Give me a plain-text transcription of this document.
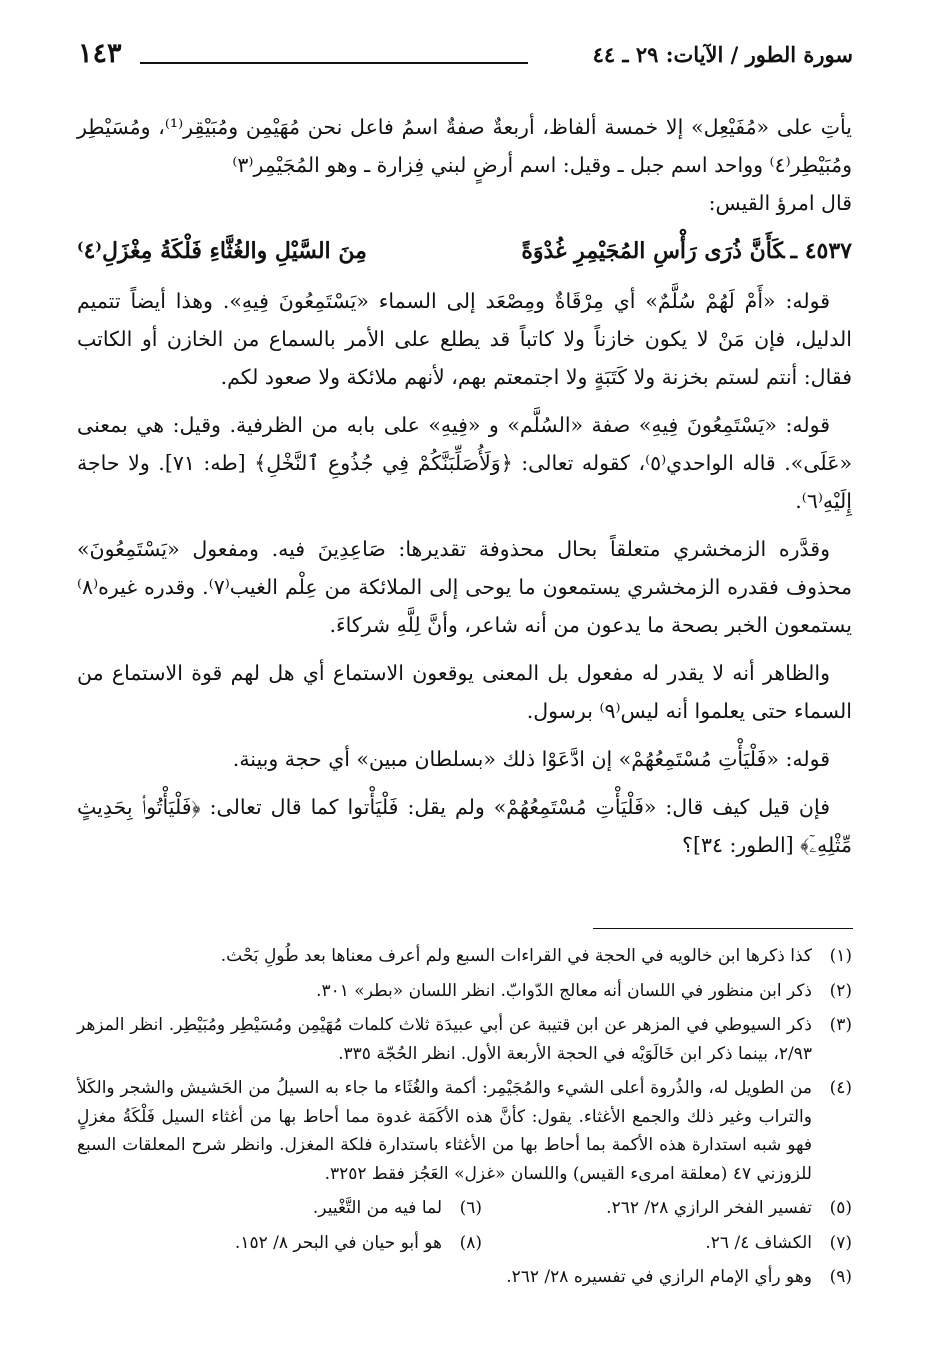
سورة الطور / الآيات: ٢٩ ـ ٤٤
١٤٣

يأتِ على «مُفَيْعِل» إلا خمسة ألفاظ، أربعةٌ صفةٌ اسمُ فاعل نحن مُهَيْمِن ومُبَيْقِر⁽¹⁾، ومُسَيْطِر ومُبَيْطِر⁽٤⁾ وواحد اسم جبل ـ وقيل: اسم أرضٍ لبني فِزارة ـ وهو المُجَيْمِر⁽٣⁾
قال امرؤ القيس:

٤٥٣٧ ـكَأَنَّ ذُرَى رَأْسِ المُجَيْمِرِ غُدْوَةً
مِنَ السَّيْلِ والغُثَّاءِ فَلْكَةُ مِغْزَلِ⁽٤⁾

قوله: «أَمْ لَهُمْ سُلَّمٌ» أي مِرْقَاةٌ ومِصْعَد إلى السماء «يَسْتَمِعُونَ فِيهِ». وهذا أيضاً تتميم الدليل، فإن مَنْ لا يكون خازناً ولا كاتباً قد يطلع على الأمر بالسماع من الخازن أو الكاتب فقال: أنتم لستم بخزنة ولا كَتَبَةٍ ولا اجتمعتم بهم، لأنهم ملائكة ولا صعود لكم.

قوله: «يَسْتَمِعُونَ فِيهِ» صفة «السُلَّم» و «فِيهِ» على بابه من الظرفية. وقيل: هي بمعنى «عَلَى». قاله الواحدي⁽٥⁾، كقوله تعالى: ﴿وَلَأُصَلِّبَنَّكُمْ فِي جُذُوعِ ٱلنَّخْلِ﴾ [طه: ٧١]. ولا حاجة إِلَيْهِ⁽٦⁾.

وقدَّره الزمخشري متعلقاً بحال محذوفة تقديرها: صَاعِدِينَ فيه. ومفعول «يَسْتَمِعُونَ» محذوف فقدره الزمخشري يستمعون ما يوحى إلى الملائكة من عِلْم الغيب⁽٧⁾. وقدره غيره⁽٨⁾ يستمعون الخبر بصحة ما يدعون من أنه شاعر، وأنَّ لِلَّهِ شركاءَ.

والظاهر أنه لا يقدر له مفعول بل المعنى يوقعون الاستماع أي هل لهم قوة الاستماع من السماء حتى يعلموا أنه ليس⁽٩⁾ برسول.

قوله: «فَلْيَأْتِ مُسْتَمِعُهُمْ» إن ادَّعَوْا ذلك «بسلطان مبين» أي حجة وبينة.

فإن قيل كيف قال: «فَلْيَأْتِ مُسْتَمِعُهُمْ» ولم يقل: فَلْيَأْتوا كما قال تعالى: ﴿فَلْيَأْتُوا۟ بِحَدِيثٍ مِّثْلِهِۦٓ﴾ [الطور: ٣٤]؟

(١)
كذا ذكرها ابن خالويه في الحجة في القراءات السبع ولم أعرف معناها بعد طُولِ بَحْث.
(٢)
ذكر ابن منظور في اللسان أنه معالج الدّوابّ. انظر اللسان «بطر» ٣٠١.
(٣)
ذكر السيوطي في المزهر عن ابن قتيبة عن أبي عبيدَة ثلاث كلمات مُهَيْمِن ومُسَيْطِر ومُبَيْطِر. انظر المزهر ٢/٩٣، بينما ذكر ابن خَالَوَيْه في الحجة الأربعة الأول. انظر الحُجّة ٣٣٥.
(٤)
من الطويل له، والذُروة أعلى الشيء والمُجَيْمِر: أكمة والغُثَاء ما جاء به السيلُ من الحَشيش والشجر والكَلأ والتراب وغير ذلك والجمع الأغثاء. يقول: كأنَّ هذه الأكَمَة غدوة مما أحاط بها من أغثاء السيل فَلْكَةُ مغزلٍ فهو شبه استدارة هذه الأكمة بما أحاط بها من الأغثاء باستدارة فلكة المغزل. وانظر شرح المعلقات السبع للزوزني ٤٧ (معلقة امرىء القيس) واللسان «غزل» العَجُز فقط ٣٢٥٢.
(٥)
تفسير الفخر الرازي ٢٨/ ٢٦٢.
(٦)
لما فيه من التَّغْيير.
(٧)
الكشاف ٤/ ٢٦.
(٨)
هو أبو حيان في البحر ٨/ ١٥٢.
(٩)
وهو رأي الإمام الرازي في تفسيره ٢٨/ ٢٦٢.
